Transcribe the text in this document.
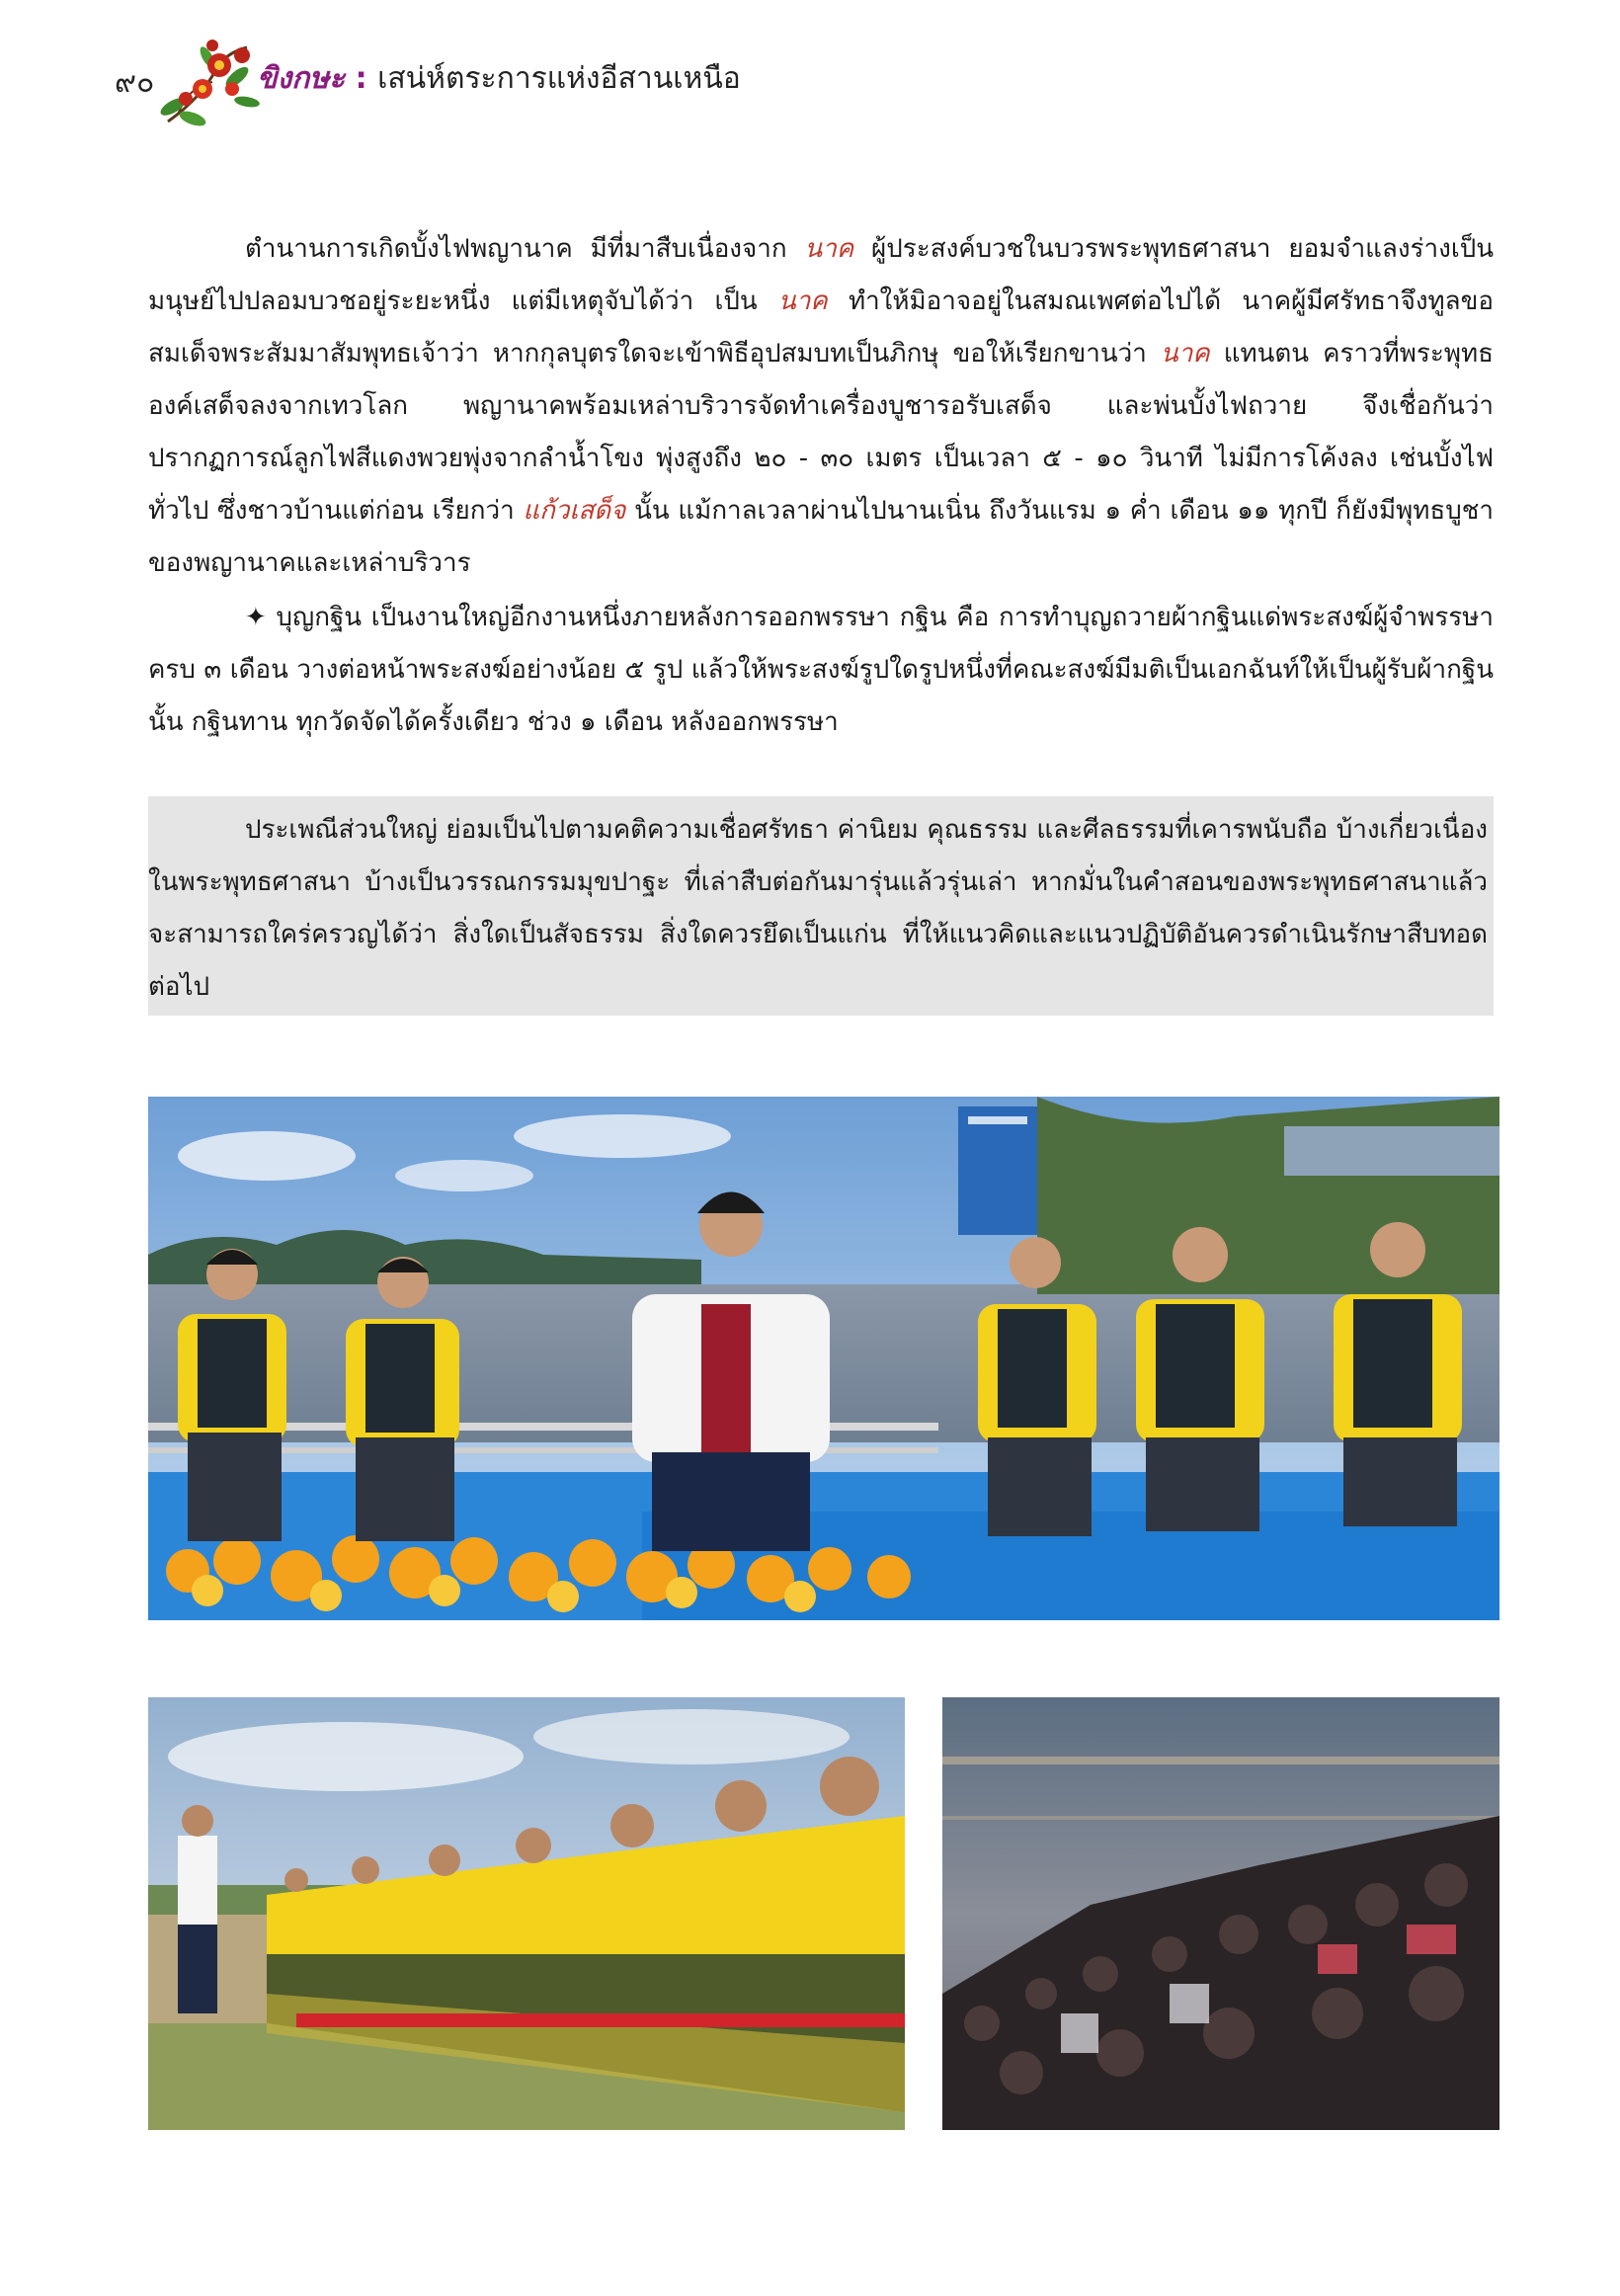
๙๐	ขิงกษะ : เสน่ห์ตระการแห่งอีสานเหนือ

ตำนานการเกิดบั้งไฟพญานาค มีที่มาสืบเนื่องจาก นาค ผู้ประสงค์บวชในบวรพระพุทธศาสนา ยอมจำแลงร่างเป็นมนุษย์ไปปลอมบวชอยู่ระยะหนึ่ง แต่มีเหตุจับได้ว่า เป็น นาค ทำให้มิอาจอยู่ในสมณเพศต่อไปได้ นาคผู้มีศรัทธาจึงทูลขอสมเด็จพระสัมมาสัมพุทธเจ้าว่า หากกุลบุตรใดจะเข้าพิธีอุปสมบทเป็นภิกษุ ขอให้เรียกขานว่า นาค แทนตน คราวที่พระพุทธองค์เสด็จลงจากเทวโลก พญานาคพร้อมเหล่าบริวารจัดทำเครื่องบูชารอรับเสด็จ และพ่นบั้งไฟถวาย จึงเชื่อกันว่า ปรากฏการณ์ลูกไฟสีแดงพวยพุ่งจากลำน้ำโขง พุ่งสูงถึง ๒๐ - ๓๐ เมตร เป็นเวลา ๕ - ๑๐ วินาที ไม่มีการโค้งลง เช่นบั้งไฟทั่วไป ซึ่งชาวบ้านแต่ก่อน เรียกว่า แก้วเสด็จ นั้น แม้กาลเวลาผ่านไปนานเนิ่น ถึงวันแรม ๑ ค่ำ เดือน ๑๑ ทุกปี ก็ยังมีพุทธบูชาของพญานาคและเหล่าบริวาร

✦ บุญกฐิน เป็นงานใหญ่อีกงานหนึ่งภายหลังการออกพรรษา กฐิน คือ การทำบุญถวายผ้ากฐินแด่พระสงฆ์ผู้จำพรรษาครบ ๓ เดือน วางต่อหน้าพระสงฆ์อย่างน้อย ๕ รูป แล้วให้พระสงฆ์รูปใดรูปหนึ่งที่คณะสงฆ์มีมติเป็นเอกฉันท์ให้เป็นผู้รับผ้ากฐินนั้น กฐินทาน ทุกวัดจัดได้ครั้งเดียว ช่วง ๑ เดือน หลังออกพรรษา

ประเพณีส่วนใหญ่ ย่อมเป็นไปตามคติความเชื่อศรัทธา ค่านิยม คุณธรรม และศีลธรรมที่เคารพนับถือ บ้างเกี่ยวเนื่องในพระพุทธศาสนา บ้างเป็นวรรณกรรมมุขปาฐะ ที่เล่าสืบต่อกันมารุ่นแล้วรุ่นเล่า หากมั่นในคำสอนของพระพุทธศาสนาแล้ว จะสามารถใคร่ครวญได้ว่า สิ่งใดเป็นสัจธรรม สิ่งใดควรยึดเป็นแก่น ที่ให้แนวคิดและแนวปฏิบัติอันควรดำเนินรักษาสืบทอดต่อไป
